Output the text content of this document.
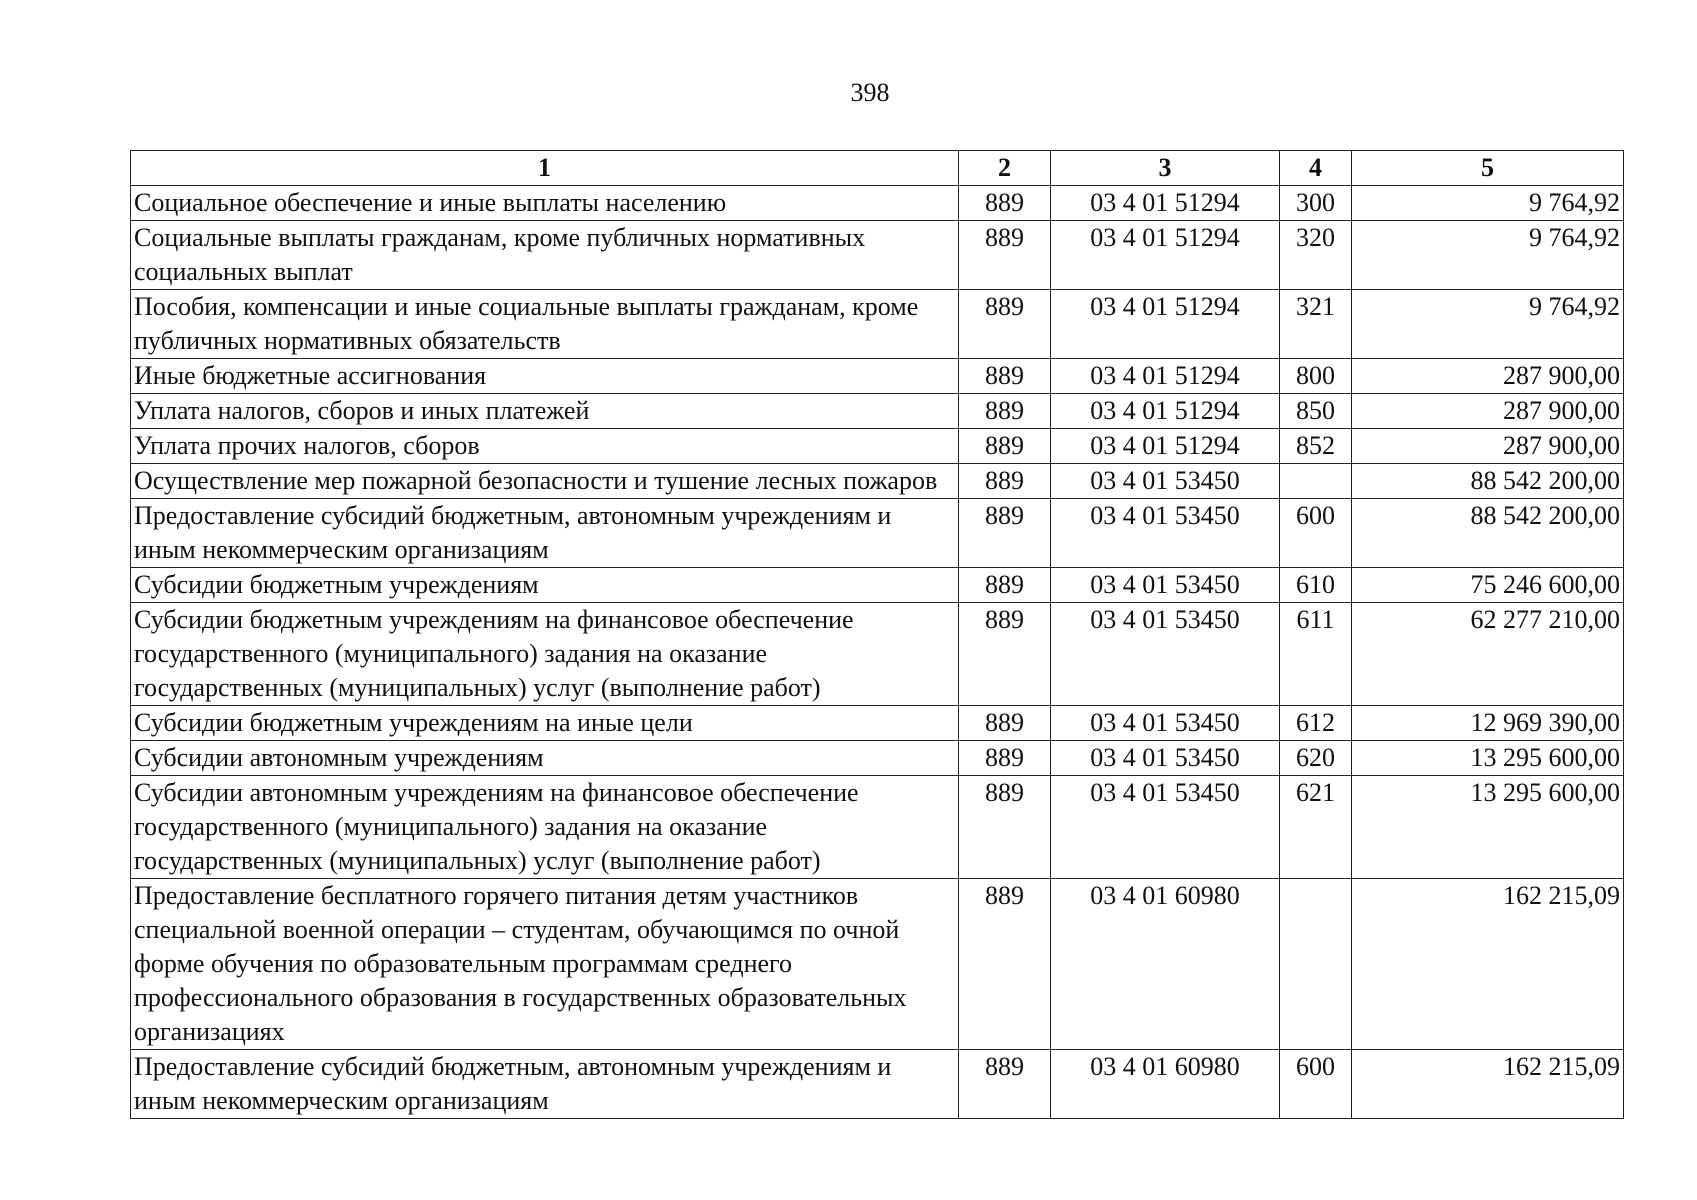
398
1	2	3	4	5
Социальное обеспечение и иные выплаты населению	889	03 4 01 51294	300	9 764,92
Социальные выплаты гражданам, кроме публичных нормативных социальных выплат	889	03 4 01 51294	320	9 764,92
Пособия, компенсации и иные социальные выплаты гражданам, кроме публичных нормативных обязательств	889	03 4 01 51294	321	9 764,92
Иные бюджетные ассигнования	889	03 4 01 51294	800	287 900,00
Уплата налогов, сборов и иных платежей	889	03 4 01 51294	850	287 900,00
Уплата прочих налогов, сборов	889	03 4 01 51294	852	287 900,00
Осуществление мер пожарной безопасности и тушение лесных пожаров	889	03 4 01 53450		88 542 200,00
Предоставление субсидий бюджетным, автономным учреждениям и иным некоммерческим организациям	889	03 4 01 53450	600	88 542 200,00
Субсидии бюджетным учреждениям	889	03 4 01 53450	610	75 246 600,00
Субсидии бюджетным учреждениям на финансовое обеспечение государственного (муниципального) задания на оказание государственных (муниципальных) услуг (выполнение работ)	889	03 4 01 53450	611	62 277 210,00
Субсидии бюджетным учреждениям на иные цели	889	03 4 01 53450	612	12 969 390,00
Субсидии автономным учреждениям	889	03 4 01 53450	620	13 295 600,00
Субсидии автономным учреждениям на финансовое обеспечение государственного (муниципального) задания на оказание государственных (муниципальных) услуг (выполнение работ)	889	03 4 01 53450	621	13 295 600,00
Предоставление бесплатного горячего питания детям участников специальной военной операции – студентам, обучающимся по очной форме обучения по образовательным программам среднего профессионального образования в государственных образовательных организациях	889	03 4 01 60980		162 215,09
Предоставление субсидий бюджетным, автономным учреждениям и иным некоммерческим организациям	889	03 4 01 60980	600	162 215,09
